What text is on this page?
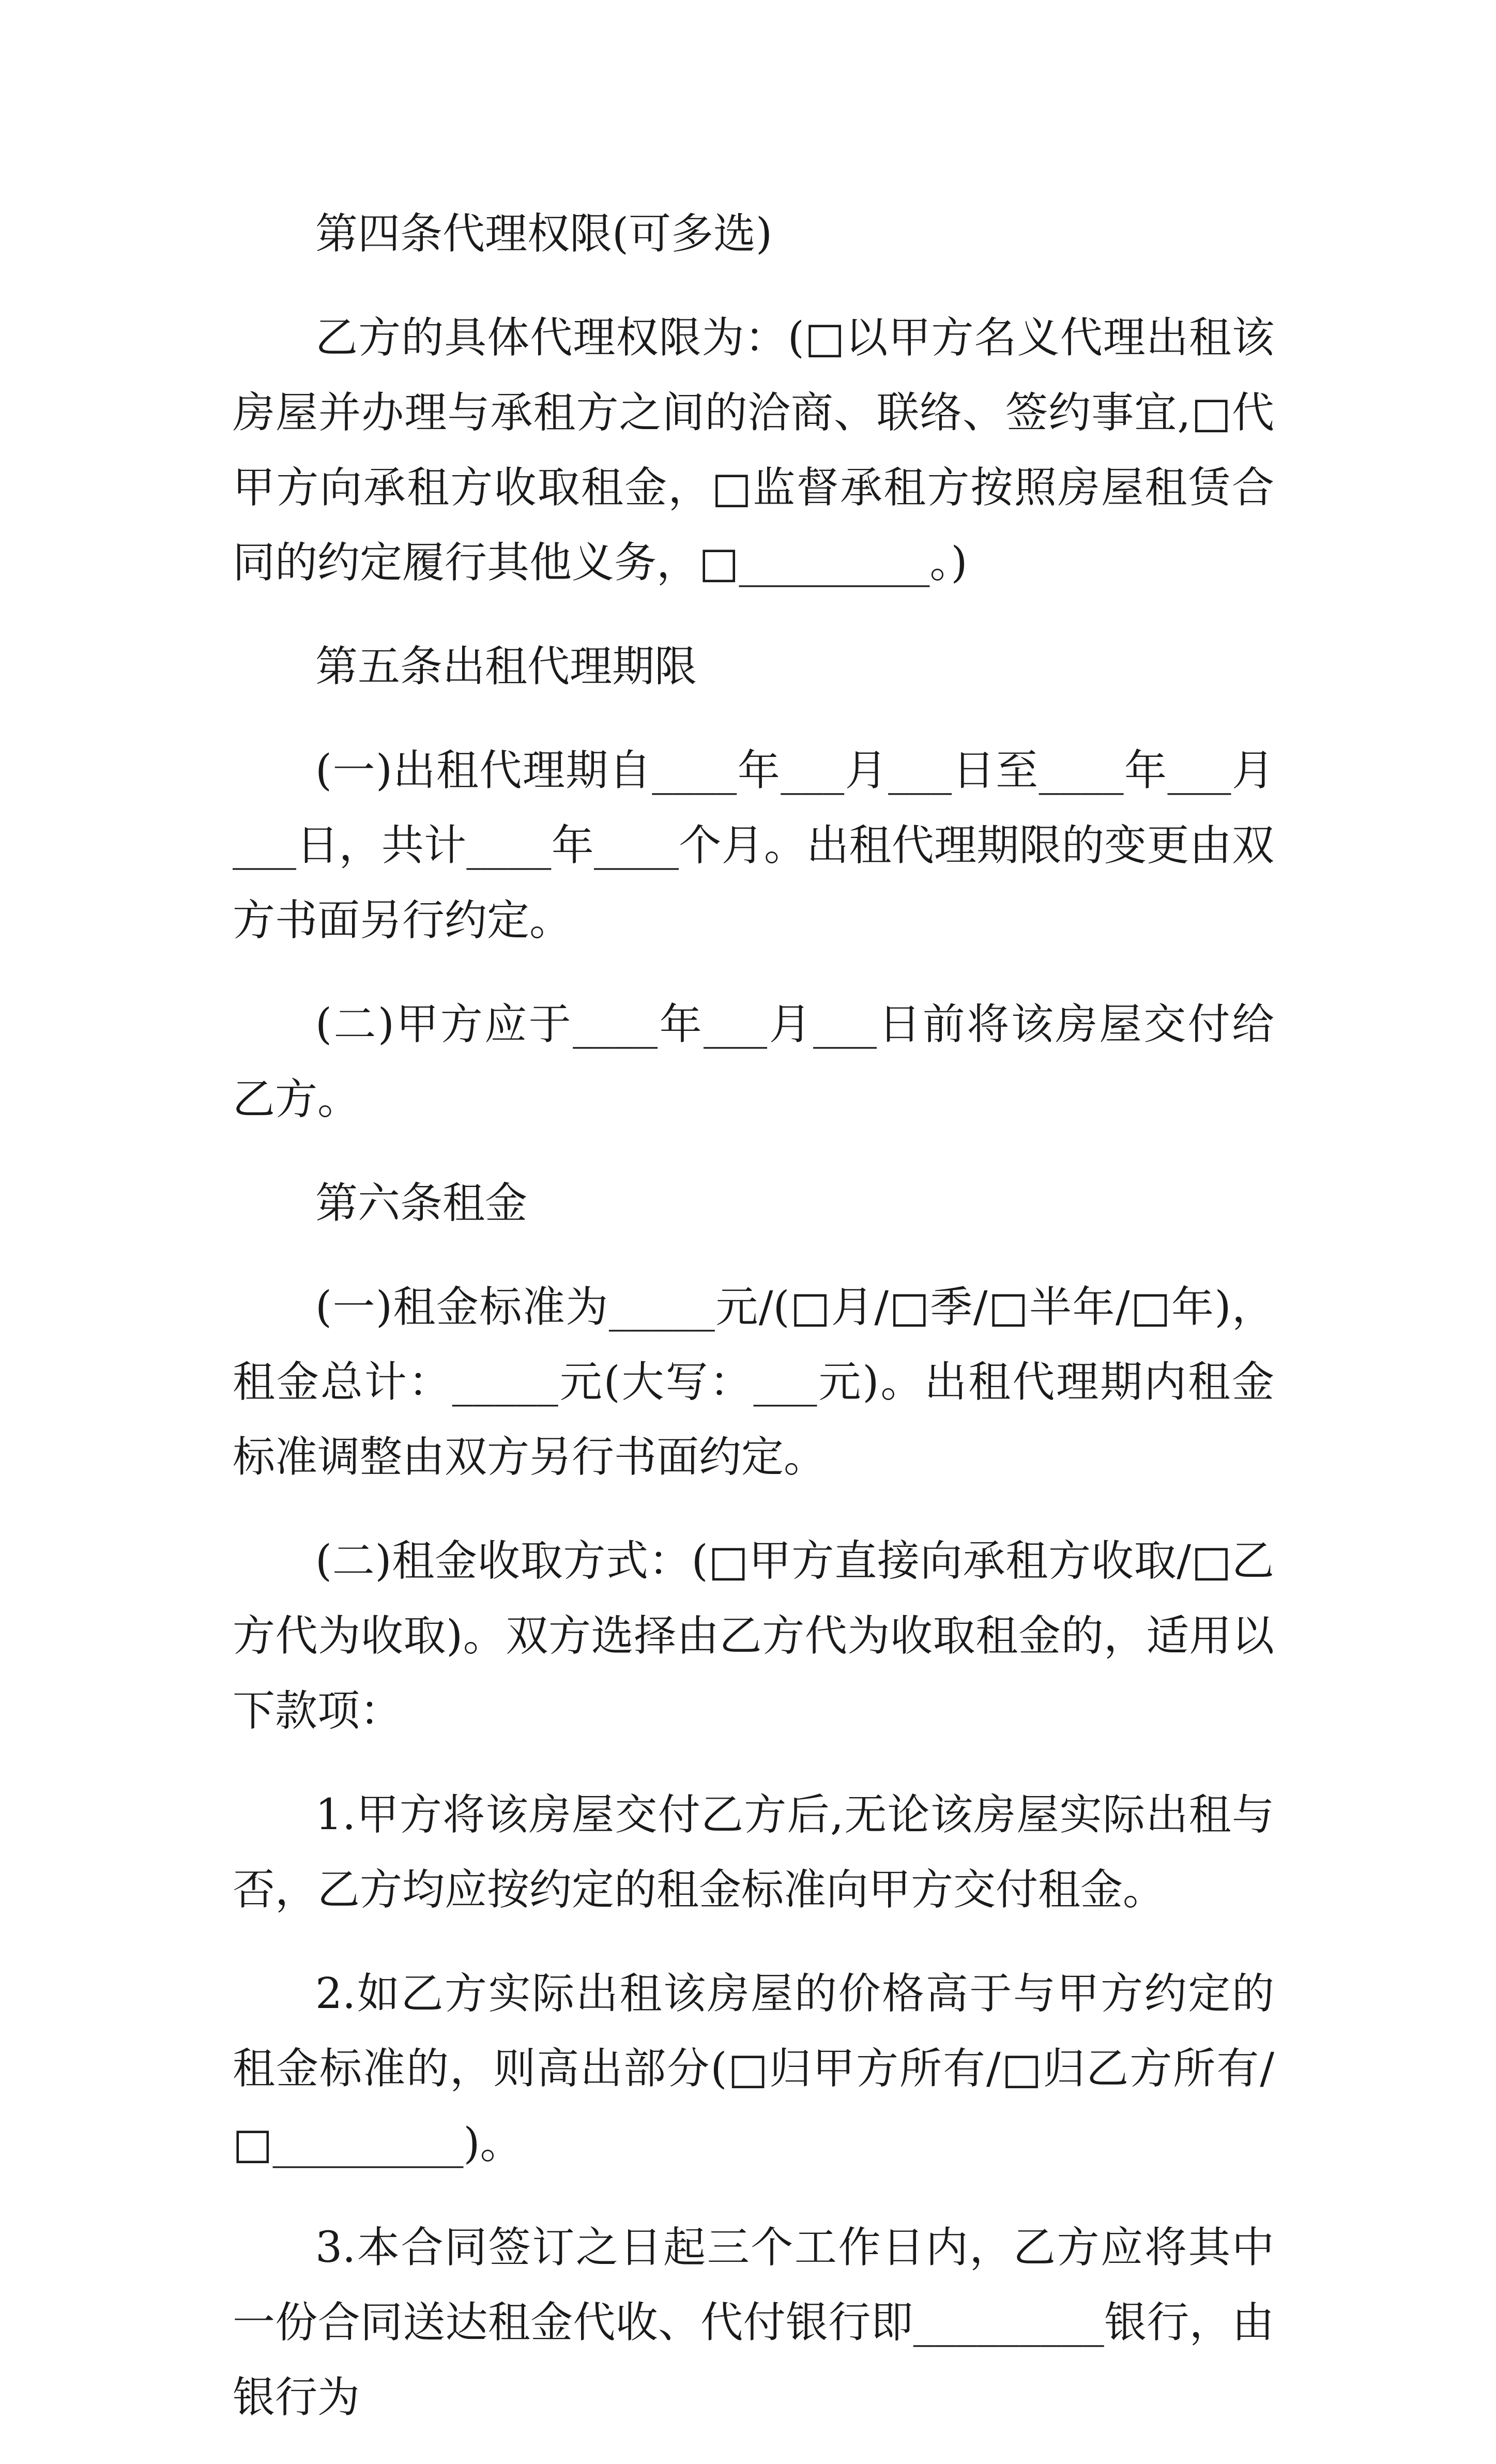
第四条代理权限(可多选)

乙方的具体代理权限为：(□以甲方名义代理出租该房屋并办理与承租方之间的洽商、联络、签约事宜,□代甲方向承租方收取租金，□监督承租方按照房屋租赁合同的约定履行其他义务，□_________。)

第五条出租代理期限

(一)出租代理期自____年___月___日至____年___月___日，共计____年____个月。出租代理期限的变更由双方书面另行约定。

(二)甲方应于____年___月___日前将该房屋交付给乙方。

第六条租金

(一)租金标准为_____元/(□月/□季/□半年/□年)，租金总计：_____元(大写：___元)。出租代理期内租金标准调整由双方另行书面约定。

(二)租金收取方式：(□甲方直接向承租方收取/□乙方代为收取)。双方选择由乙方代为收取租金的，适用以下款项：

1.甲方将该房屋交付乙方后,无论该房屋实际出租与否，乙方均应按约定的租金标准向甲方交付租金。

2.如乙方实际出租该房屋的价格高于与甲方约定的租金标准的，则高出部分(□归甲方所有/□归乙方所有/□_________)。

3.本合同签订之日起三个工作日内，乙方应将其中一份合同送达租金代收、代付银行即_________银行，由银行为
